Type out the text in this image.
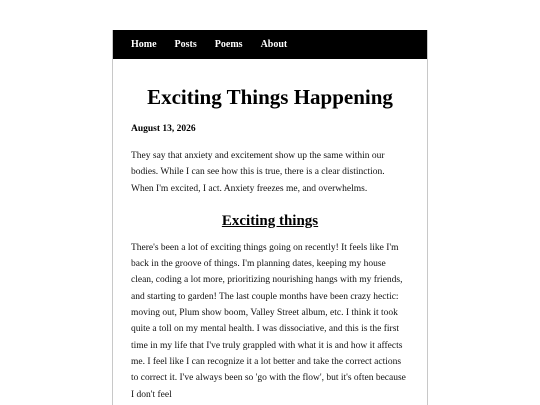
Home Posts Poems About
Exciting Things Happening

August 13, 2026

They say that anxiety and excitement show up the same within our bodies. While I can see how this is true, there is a clear distinction. When I'm excited, I act. Anxiety freezes me, and overwhelms.

Exciting things

There's been a lot of exciting things going on recently! It feels like I'm back in the groove of things. I'm planning dates, keeping my house clean, coding a lot more, prioritizing nourishing hangs with my friends, and starting to garden! The last couple months have been crazy hectic: moving out, Plum show boom, Valley Street album, etc. I think it took quite a toll on my mental health. I was dissociative, and this is the first time in my life that I've truly grappled with what it is and how it affects me. I feel like I can recognize it a lot better and take the correct actions to correct it. I've always been so 'go with the flow', but it's often because I don't feel
